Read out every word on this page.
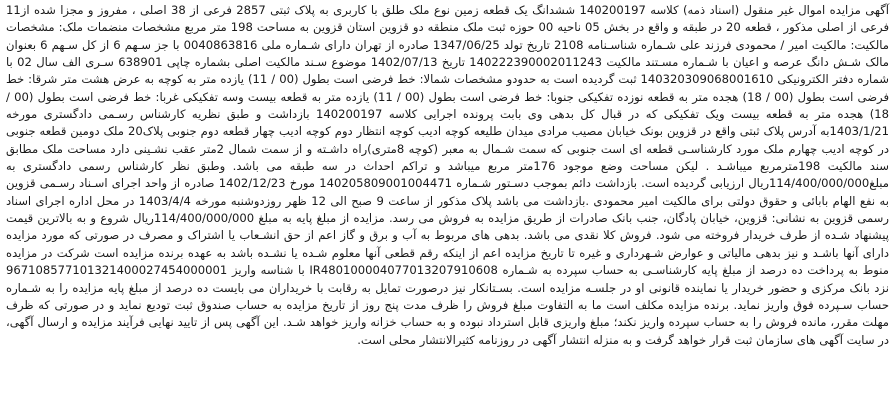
آگهی مزایده اموال غیر منقول (اسناد ذمه) کلاسه 140200197 ششدانگ یک قطعه زمین نوع ملک طلق با کاربری به پلاک ثبتی 2857 فرعی از 38 اصلی ، مفروز و مجزا شده از11 فرعی از اصلی مذکور ، قطعه 20 در طبقه و واقع در بخش 05 ناحیه 00 حوزه ثبت ملک منطقه دو قزوین استان قزوین به مساحت 198 متر مربع مشخصات منضمات ملک: مشخصات مالکیت: مالکیت امیر / محمودی فرزند علی شـماره شناسـنامه 2108 تاریخ تولد 1347/06/25 صادره از تهران دارای شـماره ملی 0040863816 با جز سـهم 6 از کل سـهم 6 بعنوان مالک شـش دانگ عرصه و اعیان با شـماره مسـتند مالکیت 140222390002011243 تاریخ 1402/07/13 موضوع سـند مالکیت اصلی بشماره چاپی 638901 سـری الف سال 02 با شماره دفتر الکترونیکی 140320309068001610 ثبت گردیده است به حدودو مشخصات شمالا: خط فرضی است بطول (00 / 11) یازده متر به کوچه به عرض هشت متر شرقا: خط فرضی است بطول (00 / 18) هجده متر به قطعه نوزده تفکیکی جنوبا: خط فرضی است بطول (00 / 11) یازده متر به قطعه بیست وسه تفکیکی غربا: خط فرضی است بطول (00 / 18) هجده متر به قطعه بیست ویک تفکیکی که در قبال کل بدهی وی بابت پرونده اجرایی کلاسه 140200197 بازداشت و طبق نظریه کارشناس رسـمی دادگستری مورخه 1403/1/21به آدرس پلاک ثبتی واقع در قزوین بونک خیابان مصیب مرادی میدان طلیعه کوچه ادیب کوچه انتظار دوم کوچه ادیب چهار قطعه دوم جنوبی پلاک20 ملک دومین قطعه جنوبی در کوچه ادیب چهارم ملک مورد کارشناسـی قطعه ای است جنوبی که سمت شـمال به معبر (کوچه 8متری)راه داشـته و از سمت شمال 2متر عقب نشـینی دارد مساحت ملک مطابق سند مالکیت 198مترمربع میباشـد . لیکن مساحت وضع موجود 176متر مربع میباشد و تراکم احداث در سه طبقه می باشد. وطبق نظر کارشناس رسمی دادگستری به مبلغ114/400/000/000ریال ارزیابی گردیده است. بازداشت دائم بموجب دسـتور شـماره 140205809001004471 مورخ 1402/12/23 صادره از واحد اجرای اسـناد رسـمی قزوین به نفع الهام بابائی و حقوق دولتی برای مالکیت امیر محمودی .بازداشت می باشد پلاک مذکور از ساعت 9 صبح الی 12 ظهر روزدوشنبه مورخه 1403/4/4 در محل اداره اجرای اسناد رسمی قزوین به نشانی: قزوین، خیابان پادگان، جنب بانک صادرات از طریق مزایده به فروش می رسد. مزایده از مبلغ پایه به مبلغ 114/400/000/000ریال شروع و به بالاترین قیمت پیشنهاد شـده از طرف خریدار فروخته می شود. فروش کلا نقدی می باشد. بدهی های مربوط به آب و برق و گاز اعم از حق انشـعاب یا اشتراک و مصرف در صورتی که مورد مزایده دارای آنها باشـد و نیز بدهی مالیاتی و عوارض شـهرداری و غیره تا تاریخ مزایده اعم از اینکه رقم قطعی آنها معلوم شـده یا نشـده باشد به عهده برنده مزایده است شرکت در مزایده منوط به پرداخت ده درصد از مبلغ پایه کارشناسـی به حساب سپرده به شـماره IR480100004077013207910608 با شناسه واریز 967108577101321400027454000001 نزد بانک مرکزی و حضور خریدار یا نماینده قانونی او در جلسـه مزایده است. بسـتانکار نیز درصورت تمایل به رقابت با خریداران می بایست ده درصد از مبلغ پایه مزایده را به شـماره حساب سـپرده فوق واریز نماید. برنده مزایده مکلف است ما به التفاوت مبلغ فروش را ظرف مدت پنج روز از تاریخ مزایده به حساب صندوق ثبت تودیع نماید و در صورتی که ظرف مهلت مقرر، مانده فروش را به حساب سپرده واریز نکند؛ مبلغ واریزی قابل استرداد نبوده و به حساب خزانه واریز خواهد شـد. این آگهی پس از تایید نهایی فرآیند مزایده و ارسال آگهی، در سایت آگهی های سازمان ثبت قرار خواهد گرفت و به منزله انتشار آگهی در روزنامه کثیرالانتشار محلی است.
